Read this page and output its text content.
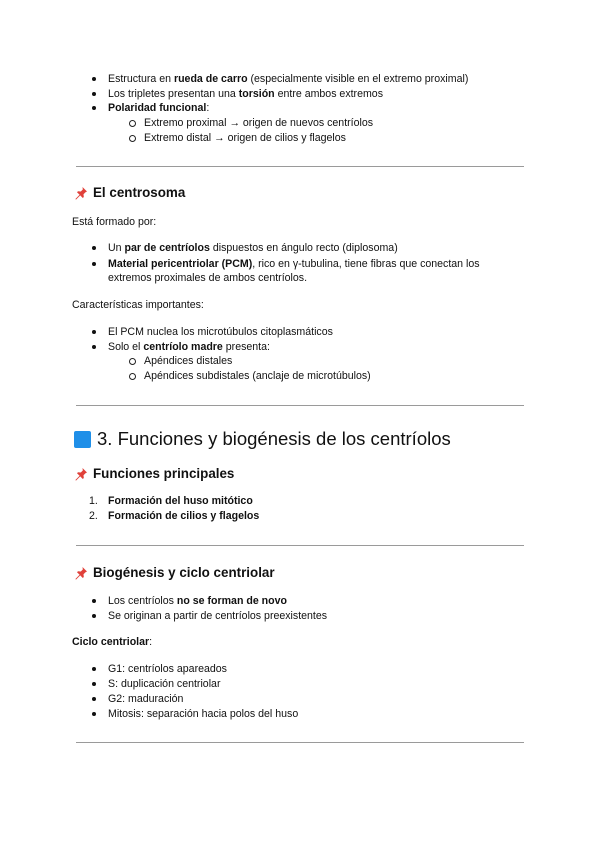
Estructura en rueda de carro (especialmente visible en el extremo proximal)
Los tripletes presentan una torsión entre ambos extremos
Polaridad funcional:
Extremo proximal → origen de nuevos centríolos
Extremo distal → origen de cilios y flagelos
El centrosoma
Está formado por:
Un par de centríolos dispuestos en ángulo recto (diplosoma)
Material pericentriolar (PCM), rico en γ-tubulina, tiene fibras que conectan los
extremos proximales de ambos centríolos.
Características importantes:
El PCM nuclea los microtúbulos citoplasmáticos
Solo el centríolo madre presenta:
Apéndices distales
Apéndices subdistales (anclaje de microtúbulos)
3. Funciones y biogénesis de los centríolos
Funciones principales
1. Formación del huso mitótico
2. Formación de cilios y flagelos
Biogénesis y ciclo centriolar
Los centríolos no se forman de novo
Se originan a partir de centríolos preexistentes
Ciclo centriolar:
G1: centríolos apareados
S: duplicación centriolar
G2: maduración
Mitosis: separación hacia polos del huso
